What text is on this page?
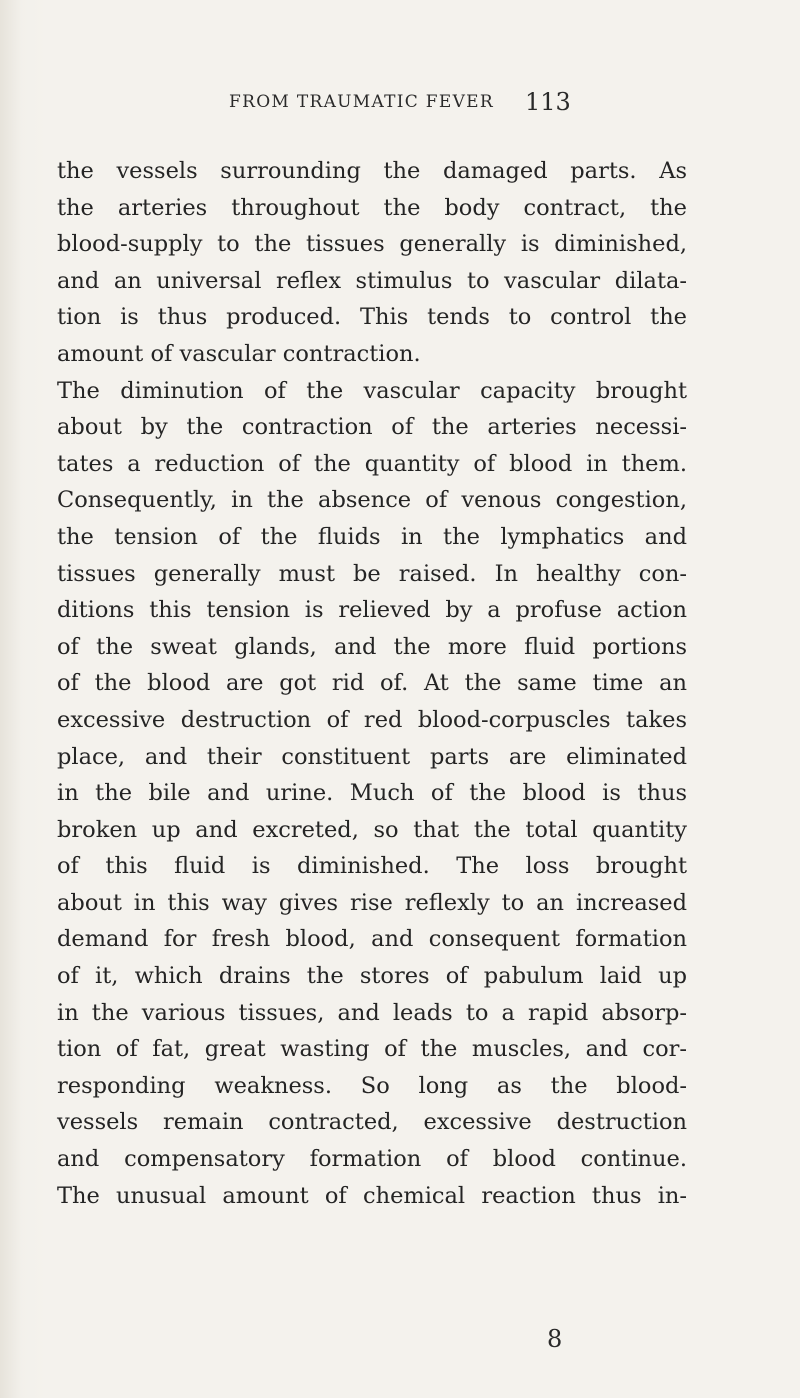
FROM TRAUMATIC FEVER 113
the vessels surrounding the damaged parts. As
the arteries throughout the body contract, the
blood-supply to the tissues generally is diminished,
and an universal reflex stimulus to vascular dilata-
tion is thus produced. This tends to control the
amount of vascular contraction.
The diminution of the vascular capacity brought
about by the contraction of the arteries necessi-
tates a reduction of the quantity of blood in them.
Consequently, in the absence of venous congestion,
the tension of the fluids in the lymphatics and
tissues generally must be raised. In healthy con-
ditions this tension is relieved by a profuse action
of the sweat glands, and the more fluid portions
of the blood are got rid of. At the same time an
excessive destruction of red blood-corpuscles takes
place, and their constituent parts are eliminated
in the bile and urine. Much of the blood is thus
broken up and excreted, so that the total quantity
of this fluid is diminished. The loss brought
about in this way gives rise reflexly to an increased
demand for fresh blood, and consequent formation
of it, which drains the stores of pabulum laid up
in the various tissues, and leads to a rapid absorp-
tion of fat, great wasting of the muscles, and cor-
responding weakness. So long as the blood-
vessels remain contracted, excessive destruction
and compensatory formation of blood continue.
The unusual amount of chemical reaction thus in-
8
